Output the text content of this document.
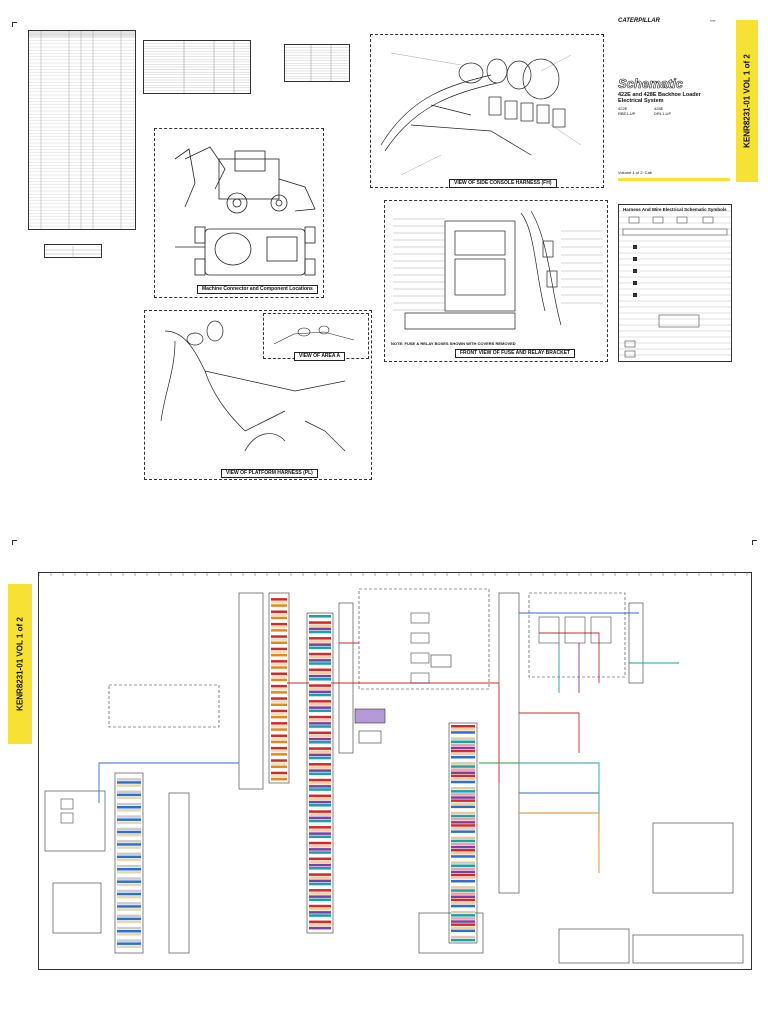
Machine Connector and Component Locations
VIEW OF SIDE CONSOLE HARNESS (FH)
CATERPILLAR	▪▪▪▪
Schematic
422E and 428E Backhoe Loader
Electrical System
422E	428E
RBE1-UP	DRL1-UP
Volume 1 of 2: Cab
KENR8231-01 VOL 1 of 2
NOTE: FUSE & RELAY BOXES SHOWN WITH COVERS REMOVED
FRONT VIEW OF FUSE AND RELAY BRACKET
Harness And Wire Electrical Schematic Symbols
VIEW OF AREA A
VIEW OF PLATFORM HARNESS (PL)
KENR8231-01 VOL 1 of 2
